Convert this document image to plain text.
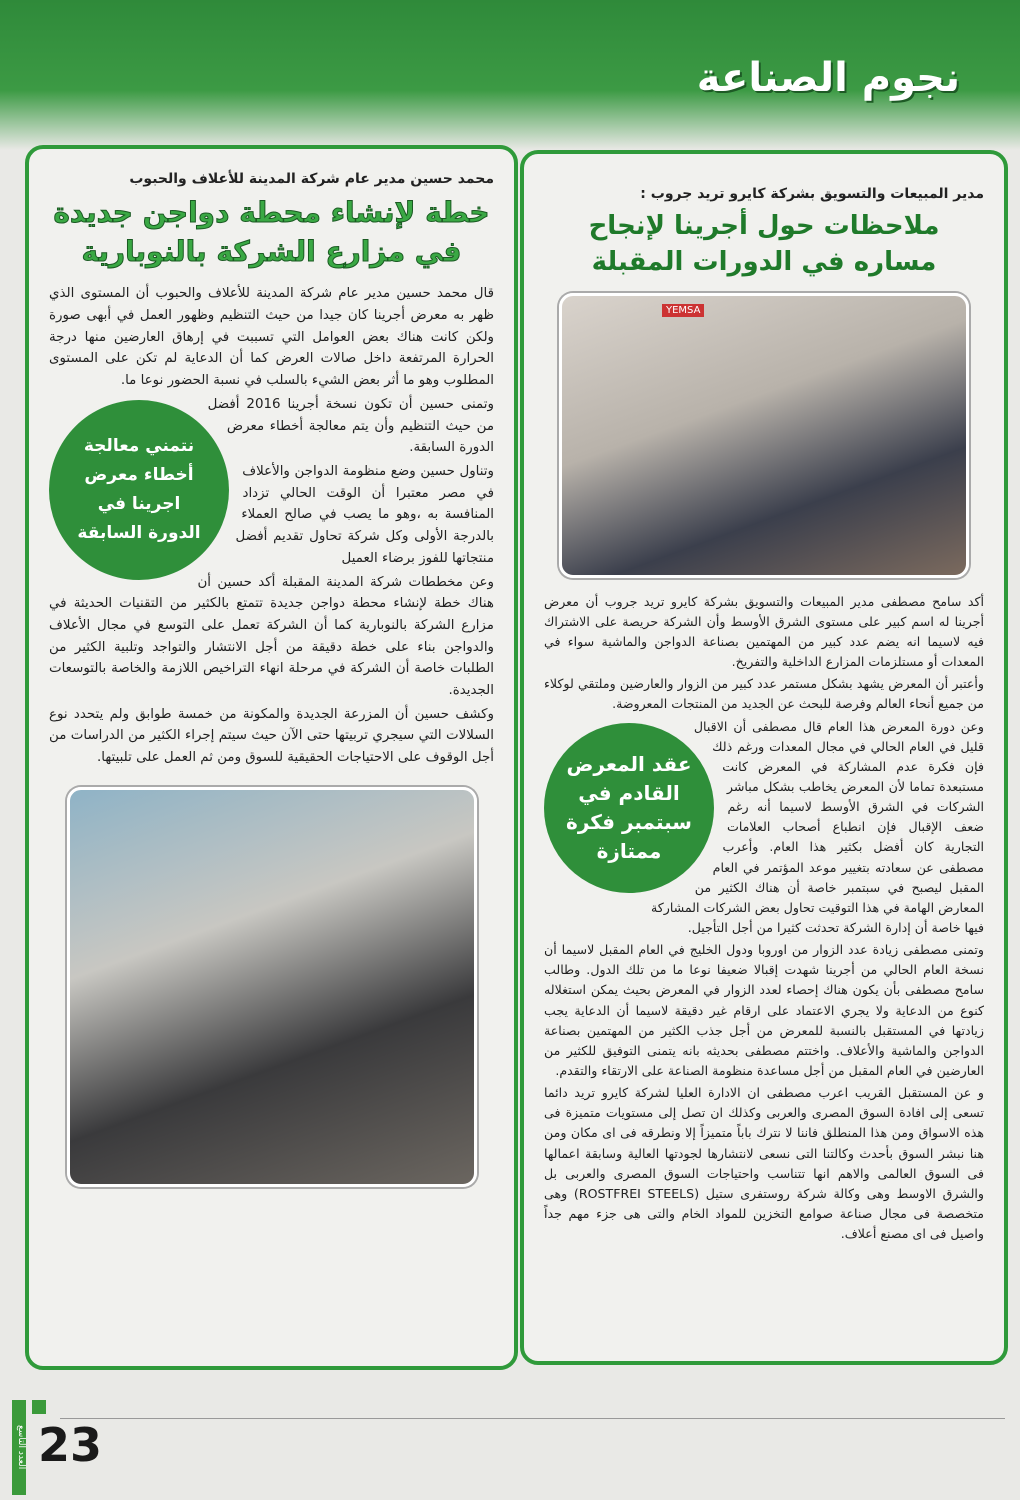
نجوم الصناعة
محمد حسين مدير عام شركة المدينة للأعلاف والحبوب
خطة لإنشاء محطة دواجن جديدة
في مزارع الشركة بالنوبارية

قال محمد حسين مدير عام شركة المدينة للأعلاف والحبوب أن المستوى الذي ظهر به معرض أجرينا كان جيدا من حيث التنظيم وظهور العمل في أبهى صورة ولكن كانت هناك بعض العوامل التي تسببت في إرهاق العارضين منها درجة الحرارة المرتفعة داخل صالات العرض كما أن الدعاية لم تكن على المستوى المطلوب وهو ما أثر بعض الشيء بالسلب في نسبة الحضور نوعا ما.

نتمني معالجة أخطاء معرض اجرينا في الدورة السابقة

وتمنى حسين أن تكون نسخة أجرينا 2016 أفضل من حيث التنظيم وأن يتم معالجة أخطاء معرض الدورة السابقة.

وتناول حسين وضع منظومة الدواجن والأعلاف في مصر معتبرا أن الوقت الحالي تزداد المنافسة به ،وهو ما يصب في صالح العملاء بالدرجة الأولى وكل شركة تحاول تقديم أفضل منتجاتها للفوز برضاء العميل

وعن مخططات شركة المدينة المقبلة أكد حسين أن هناك خطة لإنشاء محطة دواجن جديدة تتمتع بالكثير من التقنيات الحديثة في مزارع الشركة بالنوبارية كما أن الشركة تعمل على التوسع في مجال الأعلاف والدواجن بناء على خطة دقيقة من أجل الانتشار والتواجد وتلبية الكثير من الطلبات خاصة أن الشركة في مرحلة انهاء التراخيص اللازمة والخاصة بالتوسعات الجديدة.

وكشف حسين أن المزرعة الجديدة والمكونة من خمسة طوابق ولم يتحدد نوع السلالات التي سيجري تربيتها حتى الآن حيث سيتم إجراء الكثير من الدراسات من أجل الوقوف على الاحتياجات الحقيقية للسوق ومن ثم العمل على تلبيتها.

مدير المبيعات والتسويق بشركة كايرو تريد جروب :
ملاحظات حول أجرينا لإنجاح
مساره في الدورات المقبلة
YEMSA

أكد سامح مصطفى مدير المبيعات والتسويق بشركة كايرو تريد جروب أن معرض أجرينا له اسم كبير على مستوى الشرق الأوسط وأن الشركة حريصة على الاشتراك فيه لاسيما انه يضم عدد كبير من المهتمين بصناعة الدواجن والماشية سواء في المعدات أو مستلزمات المزارع الداخلية والتفريخ.

وأعتبر أن المعرض يشهد بشكل مستمر عدد كبير من الزوار والعارضين وملتقي لوكلاء من جميع أنحاء العالم وفرصة للبحث عن الجديد من المنتجات المعروضة.

عقد المعرض القادم في سبتمبر فكرة ممتازة

وعن دورة المعرض هذا العام قال مصطفى أن الاقبال قليل في العام الحالي في مجال المعدات ورغم ذلك فإن فكرة عدم المشاركة في المعرض كانت مستبعدة تماما لأن المعرض يخاطب بشكل مباشر الشركات في الشرق الأوسط لاسيما أنه رغم ضعف الإقبال فإن انطباع أصحاب العلامات التجارية كان أفضل بكثير هذا العام. وأعرب مصطفى عن سعادته بتغيير موعد المؤتمر في العام المقبل ليصبح في سبتمبر خاصة أن هناك الكثير من المعارض الهامة في هذا التوقيت تحاول بعض الشركات المشاركة فيها خاصة أن إدارة الشركة تحدثت كثيرا من أجل التأجيل.

وتمنى مصطفى زيادة عدد الزوار من اوروبا ودول الخليج في العام المقبل لاسيما أن نسخة العام الحالي من أجرينا شهدت إقبالا ضعيفا نوعا ما من تلك الدول. وطالب سامح مصطفى بأن يكون هناك إحصاء لعدد الزوار في المعرض بحيث يمكن استغلاله كنوع من الدعاية ولا يجري الاعتماد على ارقام غير دقيقة لاسيما أن الدعاية يجب زيادتها في المستقبل بالنسبة للمعرض من أجل جذب الكثير من المهتمين بصناعة الدواجن والماشية والأعلاف. واختتم مصطفى بحديثه بانه يتمنى التوفيق للكثير من العارضين في العام المقبل من أجل مساعدة منظومة الصناعة على الارتقاء والتقدم.

و عن المستقبل القريب اعرب مصطفى ان الادارة العليا لشركة كايرو تريد دائما تسعى إلى افادة السوق المصرى والعربى وكذلك ان تصل إلى مستويات متميزة فى هذه الاسواق ومن هذا المنطلق فاننا لا نترك باباً متميزاً إلا ونطرقه فى اى مكان ومن هنا نبشر السوق بأحدث وكالتنا التى نسعى لانتشارها لجودتها العالية وسابقة اعمالها فى السوق العالمى والاهم انها تتناسب واحتياجات السوق المصرى والعربى بل والشرق الاوسط وهى وكالة شركة روستفرى ستيل (ROSTFREI STEELS) وهى متخصصة فى مجال صناعة صوامع التخزين للمواد الخام والتى هى جزء مهم جداً واصيل فى اى مصنع أعلاف.

العدد التاسع 23
